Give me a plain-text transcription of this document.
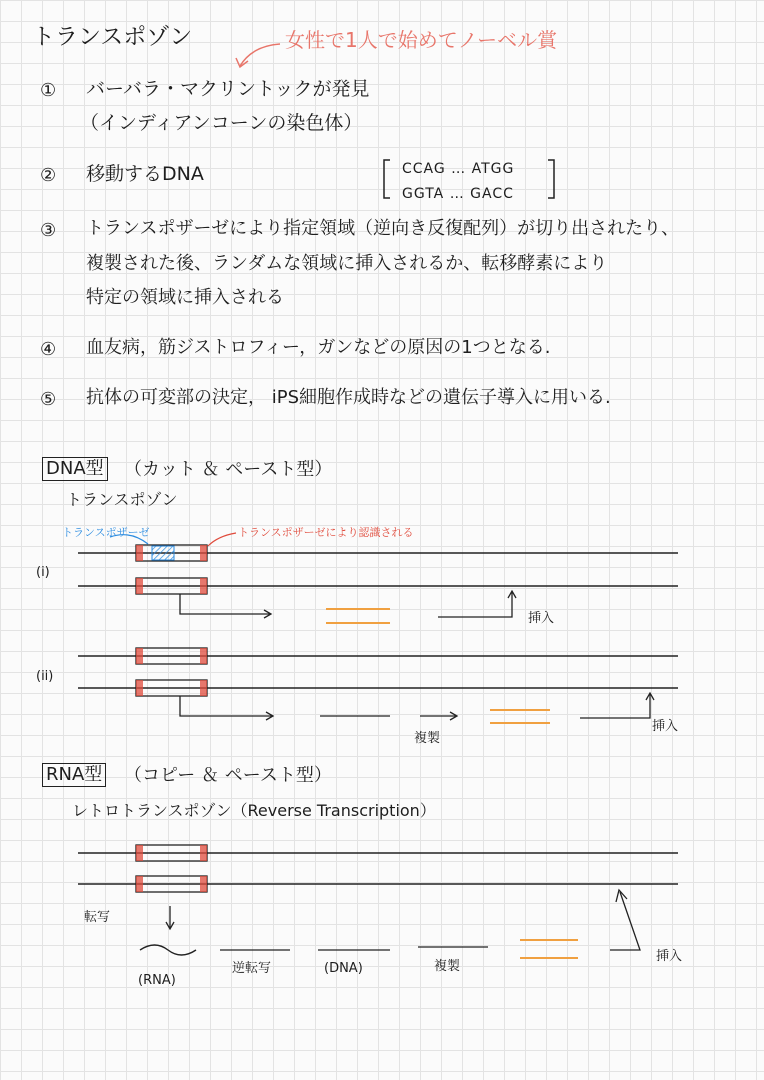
トランスポゾン	女性で1人で始めてノーベル賞
① バーバラ・マクリントックが発見
（インディアンコーンの染色体）
② 移動するDNA	CCAG … ATGG
GGTA … GACC
③ トランスポザーゼにより指定領域（逆向き反復配列）が切り出されたり、
複製された後、ランダムな領域に挿入されるか、転移酵素により
特定の領域に挿入される
④ 血友病，筋ジストロフィー，ガンなどの原因の1つとなる.
⑤ 抗体の可変部の決定， iPS細胞作成時などの遺伝子導入に用いる.
DNA型 （カット ＆ ペースト型）
トランスポゾン
トランスポザーゼ	トランスポザーゼにより認識される
(i)
(ii)
挿入
複製
挿入
RNA型 （コピー ＆ ペースト型）
レトロトランスポゾン（Reverse Transcription）
転写
(RNA)
逆転写	(DNA)	複製
挿入
